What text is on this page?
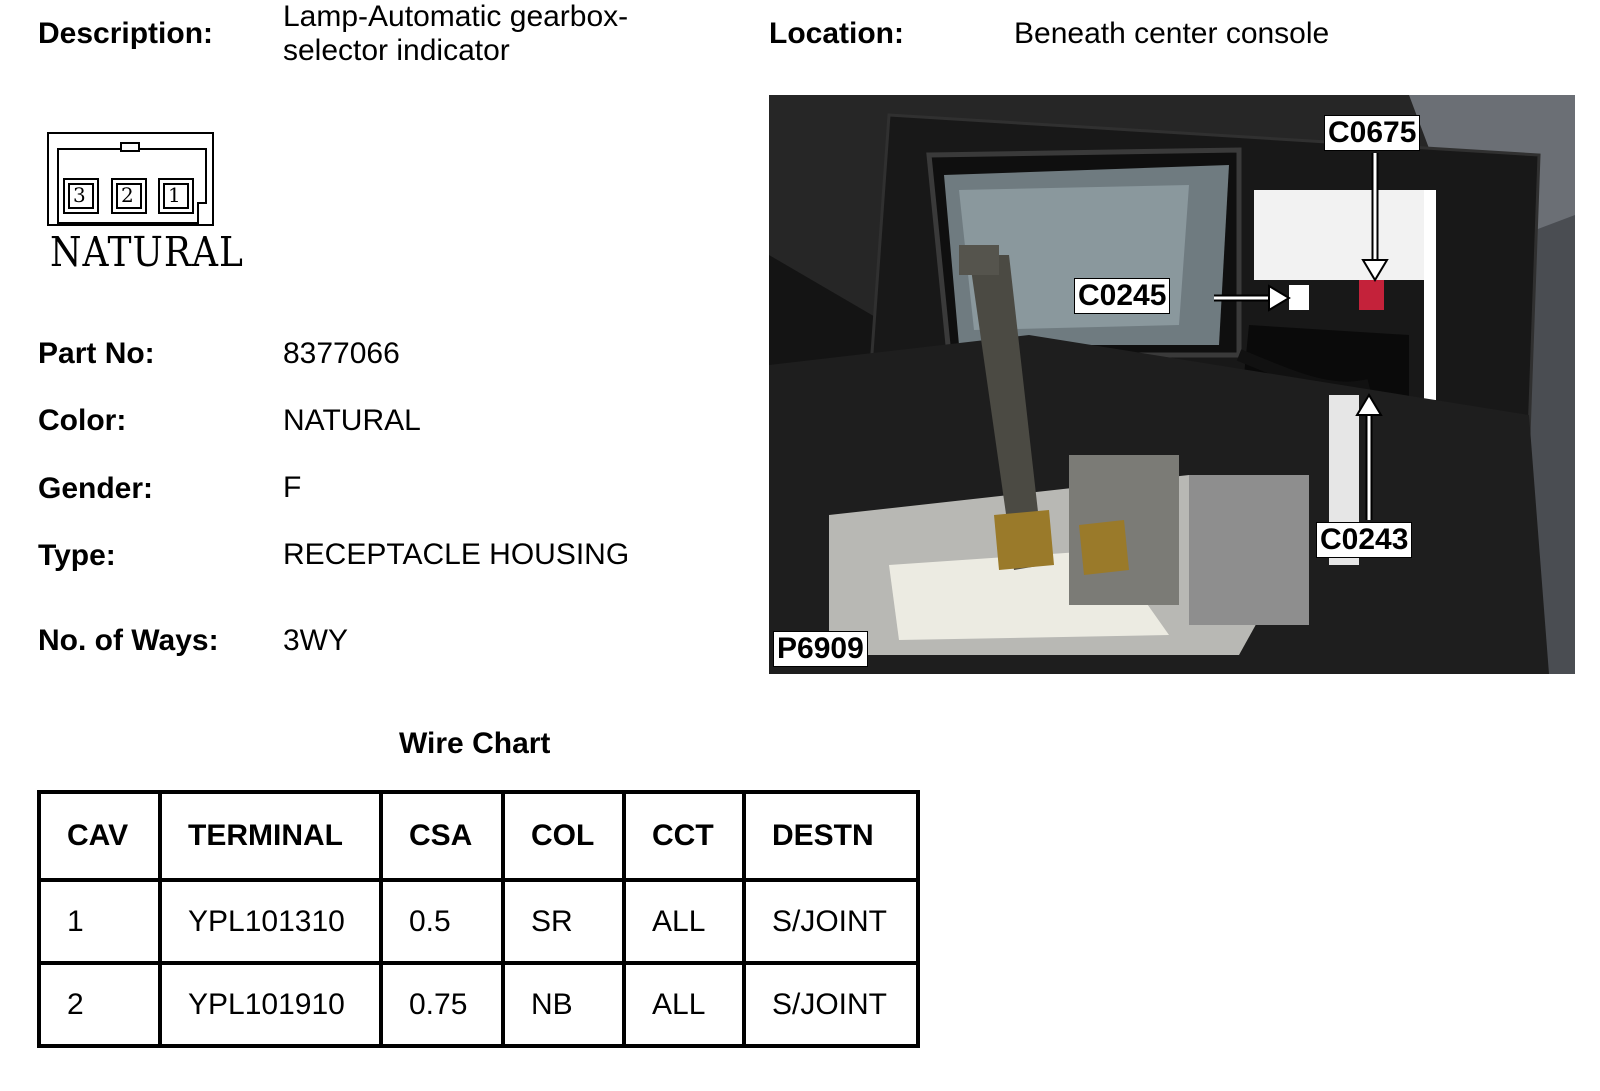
Description:
Lamp-Automatic gearbox-selector indicator
Location:	Beneath center console
3 2 1
NATURAL
Part No:	8377066
Color:	NATURAL
Gender:	F
Type:	RECEPTACLE HOUSING
No. of Ways: 3WY
C0675
C0245
C0243
P6909
Wire Chart
CAV	TERMINAL	CSA	COL	CCT	DESTN
1	YPL101310	0.5	SR	ALL	S/JOINT
2	YPL101910	0.75	NB	ALL	S/JOINT
